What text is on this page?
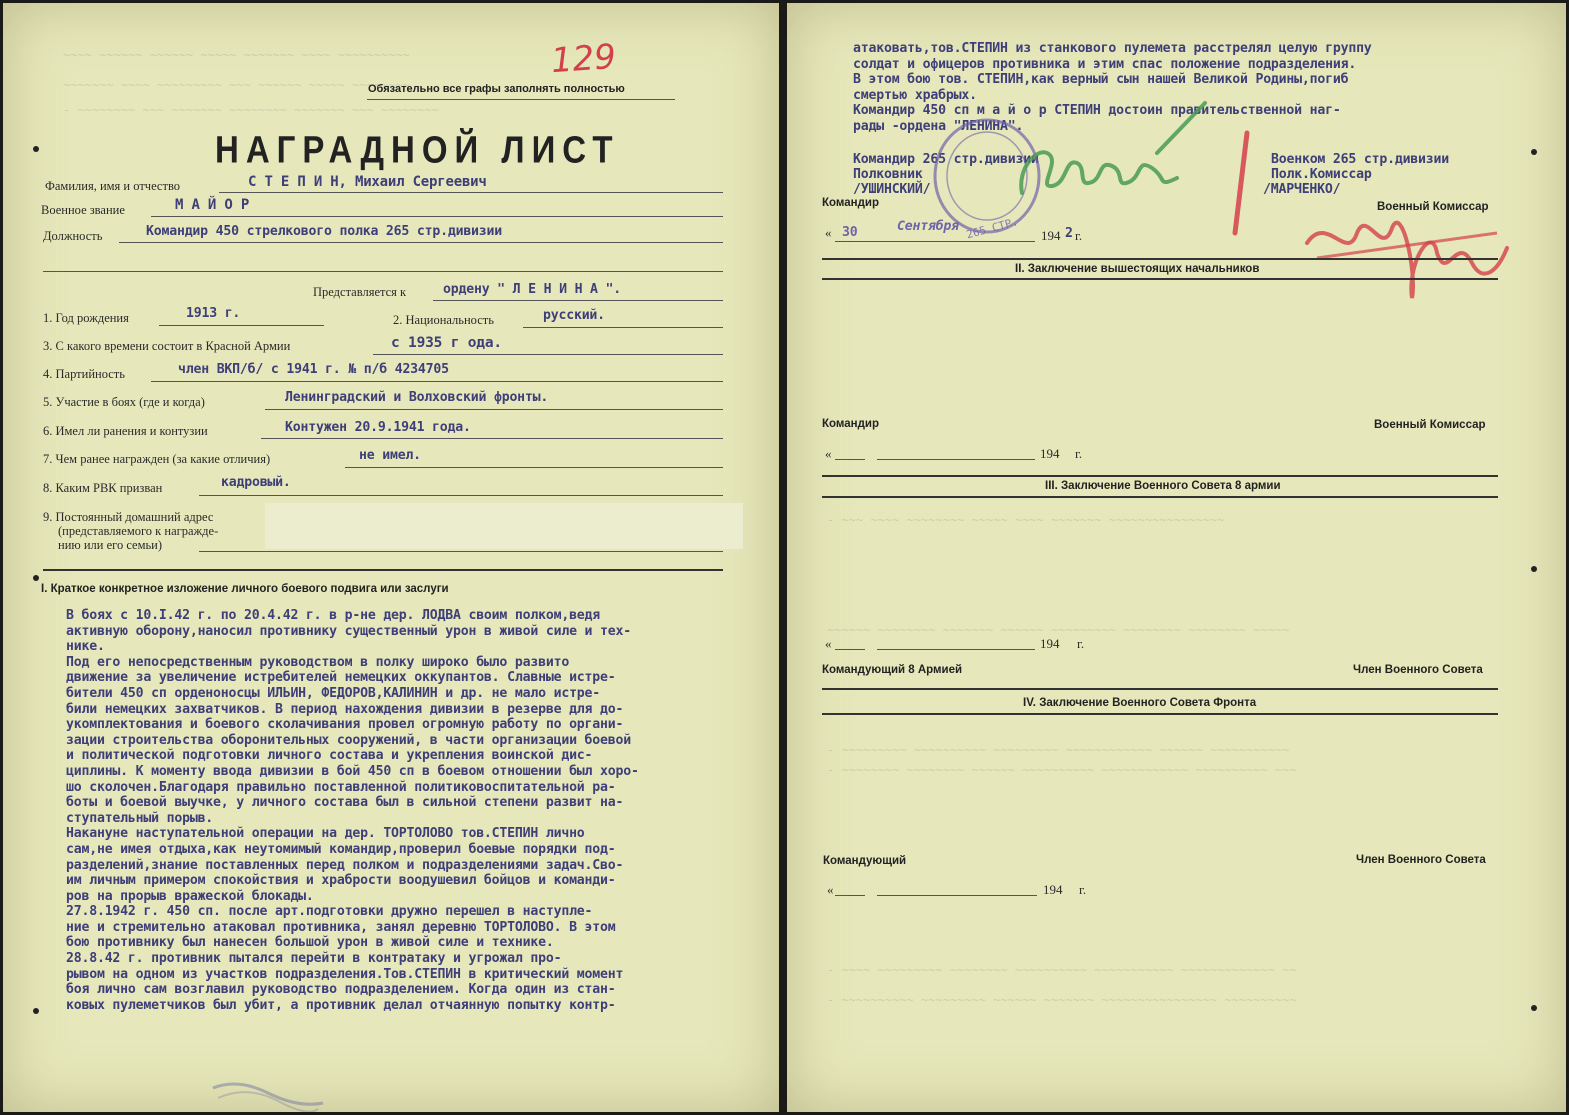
~~~~ ~~~~~~ ~~~~~~ ~~~~~ ~~~~~~~ ~~~~ ~~~~~~~~~~
~~~~~~~ ~~~~ ~~~~~~~~~ ~~~ ~~~~~~ ~~~~~ ~~~~~~~~
- ~~~~~~~~ ~~~ ~~~~~~~ ~~~~~~~~ ~~~~~~~ ~~~ ~~~~~~~~
129
Обязательно все графы заполнять полностью
НАГРАДНОЙ ЛИСТ
Фамилия, имя и отчество	С Т Е П И Н, Михаил Сергеевич
Военное звание	М А Й О Р
Должность	Командир 450 стрелкового полка 265 стр.дивизии
Представляется к	ордену " Л Е Н И Н А ".
1. Год рождения	1913 г.	2. Национальность	русский.
3. С какого времени состоит в Красной Армии	с 1935 г ода.
4. Партийность	член ВКП/б/ с 1941 г. № п/б 4234705
5. Участие в боях (где и когда)	Ленинградский и Волховский фронты.
6. Имел ли ранения и контузии	Контужен 20.9.1941 года.
7. Чем ранее награжден (за какие отличия)	не имел.
8. Каким РВК призван	кадровый.
9. Постоянный домашний адрес
(представляемого к награжде-
нию или его семьи)
I. Краткое конкретное изложение личного боевого подвига или заслуги
В боях с 10.I.42 г. по 20.4.42 г. в р-не дер. ЛОДВА своим полком,ведя
активную оборону,наносил противнику существенный урон в живой силе и тех-
нике.
Под его непосредственным руководством в полку широко было развито
движение за увеличение истребителей немецких оккупантов. Славные истре-
бители 450 сп орденоносцы ИЛЬИН, ФЕДОРОВ,КАЛИНИН и др. не мало истре-
били немецких захватчиков. В период нахождения дивизии в резерве для до-
укомплектования и боевого сколачивания провел огромную работу по органи-
зации строительства оборонительных сооружений, в части организации боевой
и политической подготовки личного состава и укрепления воинской дис-
циплины. К моменту ввода дивизии в бой 450 сп в боевом отношении был хоро-
шо сколочен.Благодаря правильно поставленной политиковоспитательной ра-
боты и боевой выучке, у личного состава был в сильной степени развит на-
ступательный порыв.
Накануне наступательной операции на дер. ТОРТОЛОВО тов.СТЕПИН лично
сам,не имея отдыха,как неутомимый командир,проверил боевые порядки под-
разделений,знание поставленных перед полком и подразделениями задач.Сво-
им личным примером спокойствия и храбрости воодушевил бойцов и команди-
ров на прорыв вражеской блокады.
27.8.1942 г. 450 сп. после арт.подготовки дружно перешел в наступле-
ние и стремительно атаковал противника, занял деревню ТОРТОЛОВО. В этом
бою противнику был нанесен большой урон в живой силе и технике.
28.8.42 г. противник пытался перейти в контратаку и угрожал про-
рывом на одном из участков подразделения.Тов.СТЕПИН в критический момент
боя лично сам возглавил руководство подразделением. Когда один из стан-
ковых пулеметчиков был убит, а противник делал отчаянную попытку контр-
- ~~~ ~~~~ ~~~~~~~~ ~~~~~ ~~~~ ~~~~~~~ ~~~~~~~~~~~~~~~~
~~~~~~ ~~~~~~~~ ~~~~~~~ ~~~~~~ ~~~~~~~~~ ~~~~~~~~ ~~~~~~~~ ~~~~~
- ~~~~~~~~~ ~~~~~~~~~~ ~~~~~~~~~ ~~~~~~~~~~~~ ~~~~~~ ~~~~~~~~~~~
- ~~~~~~~~ ~~~~~~~~ ~~~~~~ ~~~~~~~~~~ ~~~~~~~~~~~~ ~~~~~~~~~~ ~~~
- ~~~~ ~~~~~~~~~ ~~~~~~~~ ~~~~~~~~~~ ~~~~~~~~~~~ ~~~~~~~~~~~~~ ~~
- ~~~~~~~~~~ ~~~~~~~~~ ~~~~~~ ~~~~~~~ ~~~~~~~~~~~~~~~~ ~~~~~~~~~~
атаковать,тов.СТЕПИН из станкового пулемета расстрелял целую группу
солдат и офицеров противника и этим спас положение подразделения.
В этом бою тов. СТЕПИН,как верный сын нашей Великой Родины,погиб
смертью храбрых.
Командир 450 сп м а й о р СТЕПИН достоин правительственной наг-
рады -ордена "ЛЕНИНА".
Командир 265 стр.дивизии
Полковник
/УШИНСКИЙ/
Военком 265 стр.дивизии
Полк.Комиссар
/МАРЧЕНКО/
265 СТР.
Командир	Военный Комиссар
« 30	Сентября
194 2 г.
II. Заключение вышестоящих начальников
Командир	Военный Комиссар
«	194 г.
III. Заключение Военного Совета 8 армии
«	194 г.
Командующий 8 Армией	Член Военного Совета
IV. Заключение Военного Совета Фронта
Командующий	Член Военного Совета
«	194 г.
